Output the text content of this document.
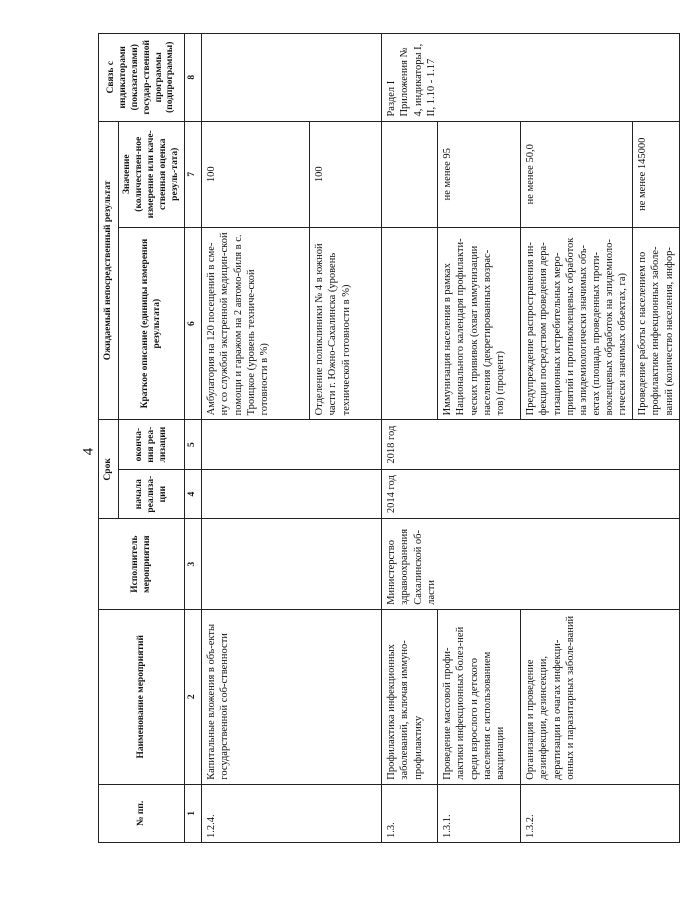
4
№ пп.	Наименование мероприятий	Исполнитель мероприятия	Срок		Ожидаемый непосредственный результат		Связь с индикаторами (показателями) государ-ственной программы (подпрограммы)
			начала реализа-ции	оконча-ния реа-лизации	Краткое описание (единицы измерения результата)	Значение (количествен-ное измерение или каче-ственная оценка резуль-тата)	
1	2	3	4	5	6	7	8
1.2.4.	Капитальные вложения в объ-екты государственной соб-ственности				Амбулатория на 120 посещений в сме-ну со службой экстренной медицин-ской помощи и гаражом на 2 автомо-биля в с. Троицкое (уровень техниче-ской готовности в %)	100	
					Отделение поликлиники № 4 в южной части г. Южно-Сахалинска (уровень технической готовности в %)	100	
1.3.	Профилактика инфекционных заболеваний, включая иммуно-профилактику	Министерство здравоохранения Сахалинской об-ласти	2014 год	2018 год			Раздел I Приложения № 4, индикаторы I, II, 1.10 - 1.17
1.3.1.	Проведение массовой профи-лактики инфекционных болез-ней среди взрослого и детского населения с использованием вакцинации				Иммунизация населения в рамках Национального календаря профилакти-ческих прививок (охват иммунизации населения (декретированных возрас-тов) (процент)	не менее 95	
1.3.2.	Организация и проведение дезинфекции, дезинсекции, дератизации в очагах инфекци-онных и паразитарных заболе-ваний				Предупреждение распространения ин-фекции посредством проведения дера-тизационных истребительных меро-приятий и противоклещевых обработок на эпидемиологически значимых объ-ектах (площадь проведенных проти-воклещевых обработок на эпидемиоло-гически значимых объектах, га)	не менее 50,0	
					Проведение работы с населением по профилактике инфекционных заболе-ваний (количество населения, инфор-	не менее 145000	
